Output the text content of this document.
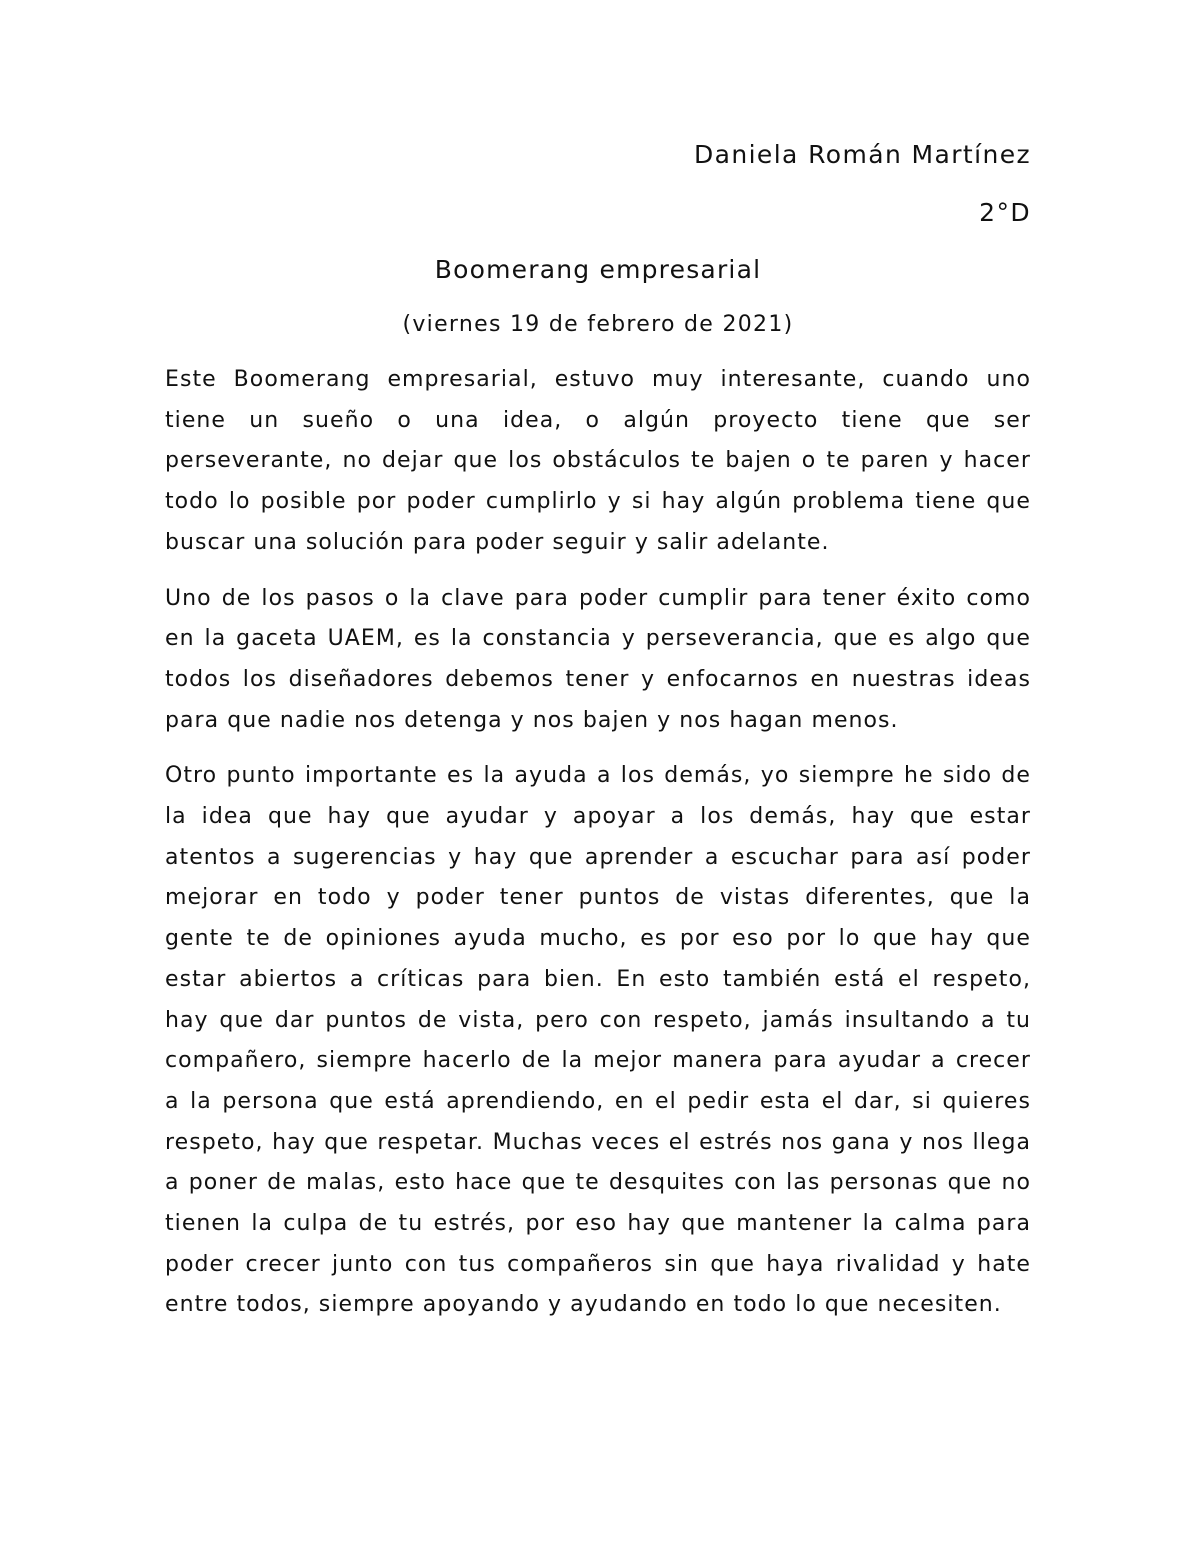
Daniela Román Martínez

2°D

Boomerang empresarial

(viernes 19 de febrero de 2021)

Este Boomerang empresarial, estuvo muy interesante, cuando uno tiene un sueño o una idea, o algún proyecto tiene que ser perseverante, no dejar que los obstáculos te bajen o te paren y hacer todo lo posible por poder cumplirlo y si hay algún problema tiene que buscar una solución para poder seguir y salir adelante.

Uno de los pasos o la clave para poder cumplir para tener éxito como en la gaceta UAEM, es la constancia y perseverancia, que es algo que todos los diseñadores debemos tener y enfocarnos en nuestras ideas para que nadie nos detenga y nos bajen y nos hagan menos.

Otro punto importante es la ayuda a los demás, yo siempre he sido de la idea que hay que ayudar y apoyar a los demás, hay que estar atentos a sugerencias y hay que aprender a escuchar para así poder mejorar en todo y poder tener puntos de vistas diferentes, que la gente te de opiniones ayuda mucho, es por eso por lo que hay que estar abiertos a críticas para bien. En esto también está el respeto, hay que dar puntos de vista, pero con respeto, jamás insultando a tu compañero, siempre hacerlo de la mejor manera para ayudar a crecer a la persona que está aprendiendo, en el pedir esta el dar, si quieres respeto, hay que respetar. Muchas veces el estrés nos gana y nos llega a poner de malas, esto hace que te desquites con las personas que no tienen la culpa de tu estrés, por eso hay que mantener la calma para poder crecer junto con tus compañeros sin que haya rivalidad y hate entre todos, siempre apoyando y ayudando en todo lo que necesiten.
